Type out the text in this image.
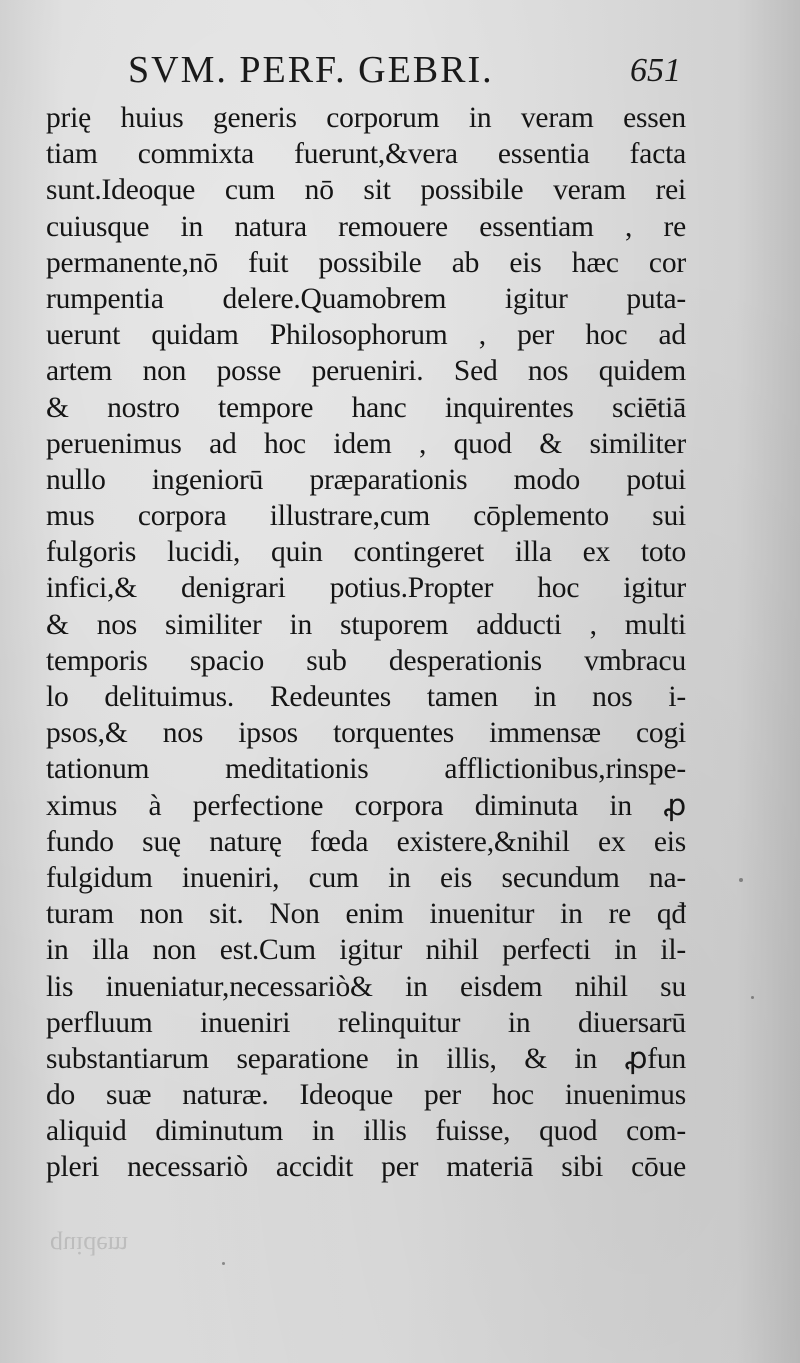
SVM. PERF. GEBRI.	651
prię huius generis corporum in veram essen
tiam commixta fuerunt,&vera essentia facta
sunt.Ideoque cum nō sit possibile veram rei
cuiusque in natura remouere essentiam , re
permanente,nō fuit possibile ab eis hæc cor
rumpentia delere.Quamobrem igitur puta-
uerunt quidam Philosophorum , per hoc ad
artem non posse perueniri. Sed nos quidem
& nostro tempore hanc inquirentes sciētiā
peruenimus ad hoc idem , quod & similiter
nullo ingeniorū præparationis modo potui
mus corpora illustrare,cum cōplemento sui
fulgoris lucidi, quin contingeret illa ex toto
infici,& denigrari potius.Propter hoc igitur
& nos similiter in stuporem adducti , multi
temporis spacio sub desperationis vmbracu
lo delituimus. Redeuntes tamen in nos i-
psos,& nos ipsos torquentes immensæ cogi
tationum meditationis afflictionibus,rinspe-
ximus à perfectione corpora diminuta in ꝓ
fundo suę naturę fœda existere,&nihil ex eis
fulgidum inueniri, cum in eis secundum na-
turam non sit. Non enim inuenitur in re qđ
in illa non est.Cum igitur nihil perfecti in il-
lis inueniatur,necessariò& in eisdem nihil su
perfluum inueniri relinquitur in diuersarū
substantiarum separatione in illis, & in ꝓfun
do suæ naturæ. Ideoque per hoc inuenimus
aliquid diminutum in illis fuisse, quod com-
pleri necessariò accidit per materiā sibi cōue
quidem
